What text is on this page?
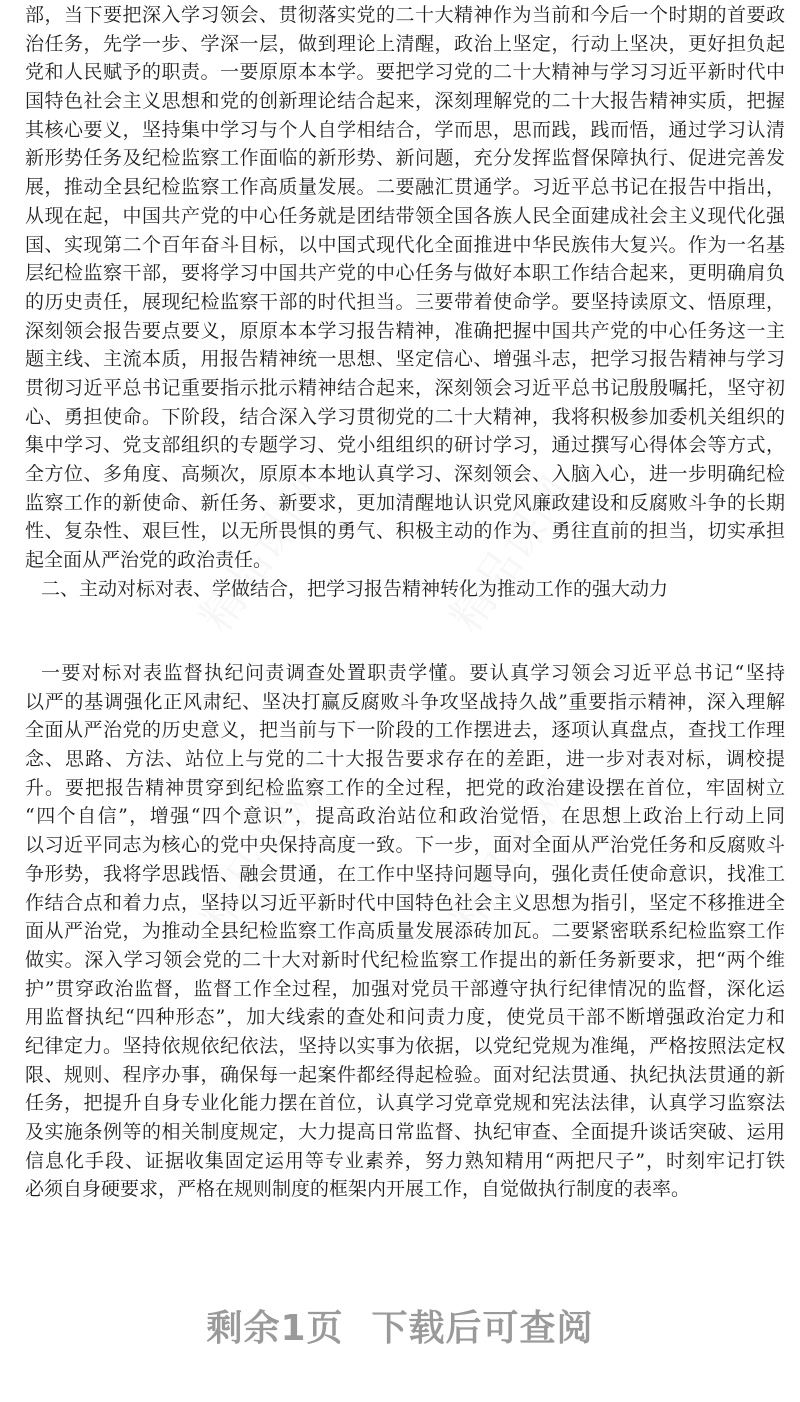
部，当下要把深入学习领会、贯彻落实党的二十大精神作为当前和今后一个时期的首要政
治任务，先学一步、学深一层，做到理论上清醒，政治上坚定，行动上坚决，更好担负起
党和人民赋予的职责。一要原原本本学。要把学习党的二十大精神与学习习近平新时代中
国特色社会主义思想和党的创新理论结合起来，深刻理解党的二十大报告精神实质，把握
其核心要义，坚持集中学习与个人自学相结合，学而思，思而践，践而悟，通过学习认清
新形势任务及纪检监察工作面临的新形势、新问题，充分发挥监督保障执行、促进完善发
展，推动全县纪检监察工作高质量发展。二要融汇贯通学。习近平总书记在报告中指出，
从现在起，中国共产党的中心任务就是团结带领全国各族人民全面建成社会主义现代化强
国、实现第二个百年奋斗目标，以中国式现代化全面推进中华民族伟大复兴。作为一名基
层纪检监察干部，要将学习中国共产党的中心任务与做好本职工作结合起来，更明确肩负
的历史责任，展现纪检监察干部的时代担当。三要带着使命学。要坚持读原文、悟原理，
深刻领会报告要点要义，原原本本学习报告精神，准确把握中国共产党的中心任务这一主
题主线、主流本质，用报告精神统一思想、坚定信心、增强斗志，把学习报告精神与学习
贯彻习近平总书记重要指示批示精神结合起来，深刻领会习近平总书记殷殷嘱托，坚守初
心、勇担使命。下阶段，结合深入学习贯彻党的二十大精神，我将积极参加委机关组织的
集中学习、党支部组织的专题学习、党小组组织的研讨学习，通过撰写心得体会等方式，
全方位、多角度、高频次，原原本本地认真学习、深刻领会、入脑入心，进一步明确纪检
监察工作的新使命、新任务、新要求，更加清醒地认识党风廉政建设和反腐败斗争的长期
性、复杂性、艰巨性，以无所畏惧的勇气、积极主动的作为、勇往直前的担当，切实承担
起全面从严治党的政治责任。
二、主动对标对表、学做结合，把学习报告精神转化为推动工作的强大动力
一要对标对表监督执纪问责调查处置职责学懂。要认真学习领会习近平总书记“坚持
以严的基调强化正风肃纪、坚决打赢反腐败斗争攻坚战持久战”重要指示精神，深入理解
全面从严治党的历史意义，把当前与下一阶段的工作摆进去，逐项认真盘点，查找工作理
念、思路、方法、站位上与党的二十大报告要求存在的差距，进一步对表对标，调校提
升。要把报告精神贯穿到纪检监察工作的全过程，把党的政治建设摆在首位，牢固树立
“四个自信”，增强“四个意识”，提高政治站位和政治觉悟，在思想上政治上行动上同
以习近平同志为核心的党中央保持高度一致。下一步，面对全面从严治党任务和反腐败斗
争形势，我将学思践悟、融会贯通，在工作中坚持问题导向，强化责任使命意识，找准工
作结合点和着力点，坚持以习近平新时代中国特色社会主义思想为指引，坚定不移推进全
面从严治党，为推动全县纪检监察工作高质量发展添砖加瓦。二要紧密联系纪检监察工作
做实。深入学习领会党的二十大对新时代纪检监察工作提出的新任务新要求，把“两个维
护”贯穿政治监督，监督工作全过程，加强对党员干部遵守执行纪律情况的监督，深化运
用监督执纪“四种形态”，加大线索的查处和问责力度，使党员干部不断增强政治定力和
纪律定力。坚持依规依纪依法，坚持以实事为依据，以党纪党规为准绳，严格按照法定权
限、规则、程序办事，确保每一起案件都经得起检验。面对纪法贯通、执纪执法贯通的新
任务，把提升自身专业化能力摆在首位，认真学习党章党规和宪法法律，认真学习监察法
及实施条例等的相关制度规定，大力提高日常监督、执纪审查、全面提升谈话突破、运用
信息化手段、证据收集固定运用等专业素养，努力熟知精用“两把尺子”，时刻牢记打铁
必须自身硬要求，严格在规则制度的框架内开展工作，自觉做执行制度的表率。
剩余1页 下载后可查阅
